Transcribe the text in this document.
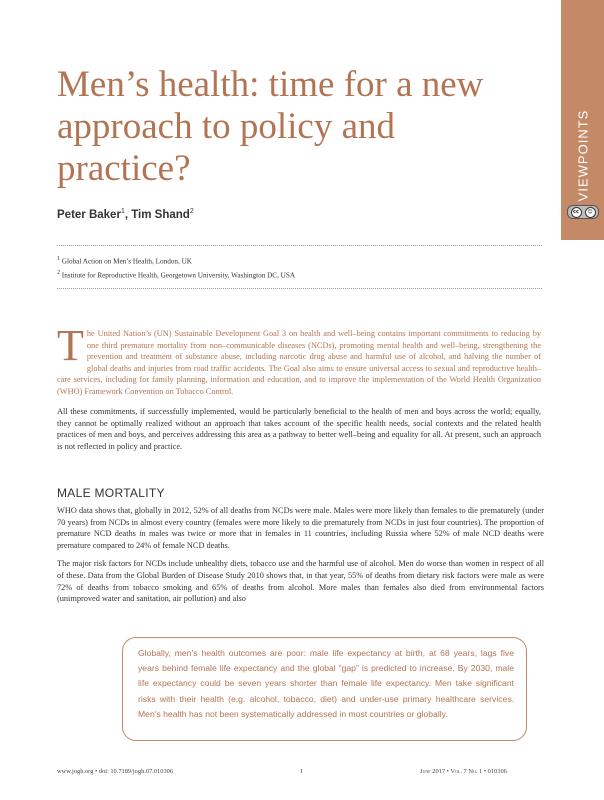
VIEWPOINTS
cc	☺
Men’s health: time for a new approach to policy and practice?
Peter Baker$^1$, Tim Shand$^2$
$^1$ Global Action on Men’s Health, London, UK
$^2$ Institute for Reproductive Health, Georgetown University, Washington DC, USA

The United Nation’s (UN) Sustainable Development Goal 3 on health and well–being contains important commitments to reducing by one third premature mortality from non–communicable diseases (NCDs), promoting mental health and well–being, strengthening the prevention and treatment of substance abuse, including narcotic drug abuse and harmful use of alcohol, and halving the number of global deaths and injuries from road traffic accidents. The Goal also aims to ensure universal access to sexual and reproductive health–care services, including for family planning, information and education, and to improve the implementation of the World Health Organization (WHO) Framework Convention on Tobacco Control.

All these commitments, if successfully implemented, would be particularly beneficial to the health of men and boys across the world; equally, they cannot be optimally realized without an approach that takes account of the specific health needs, social contexts and the related health practices of men and boys, and perceives addressing this area as a pathway to better well–being and equality for all. At present, such an approach is not reflected in policy and practice.

MALE MORTALITY

WHO data shows that, globally in 2012, 52% of all deaths from NCDs were male. Males were more likely than females to die prematurely (under 70 years) from NCDs in almost every country (females were more likely to die prematurely from NCDs in just four countries). The proportion of premature NCD deaths in males was twice or more that in females in 11 countries, including Russia where 52% of male NCD deaths were premature compared to 24% of female NCD deaths.

The major risk factors for NCDs include unhealthy diets, tobacco use and the harmful use of alcohol. Men do worse than women in respect of all of these. Data from the Global Burden of Disease Study 2010 shows that, in that year, 55% of deaths from dietary risk factors were male as were 72% of deaths from tobacco smoking and 65% of deaths from alcohol. More males than females also died from environmental factors (unimproved water and sanitation, air pollution) and also

Globally, men’s health outcomes are poor: male life expectancy at birth, at 68 years, lags five years behind female life expectancy and the global “gap” is predicted to increase. By 2030, male life expectancy could be seven years shorter than female life expectancy. Men take significant risks with their health (e.g. alcohol, tobacco, diet) and under-use primary healthcare services. Men’s health has not been systematically addressed in most countries or globally.

www.jogh.org • doi: 10.7189/jogh.07.010306	1	June 2017 • Vol. 7 No. 1 • 010306
